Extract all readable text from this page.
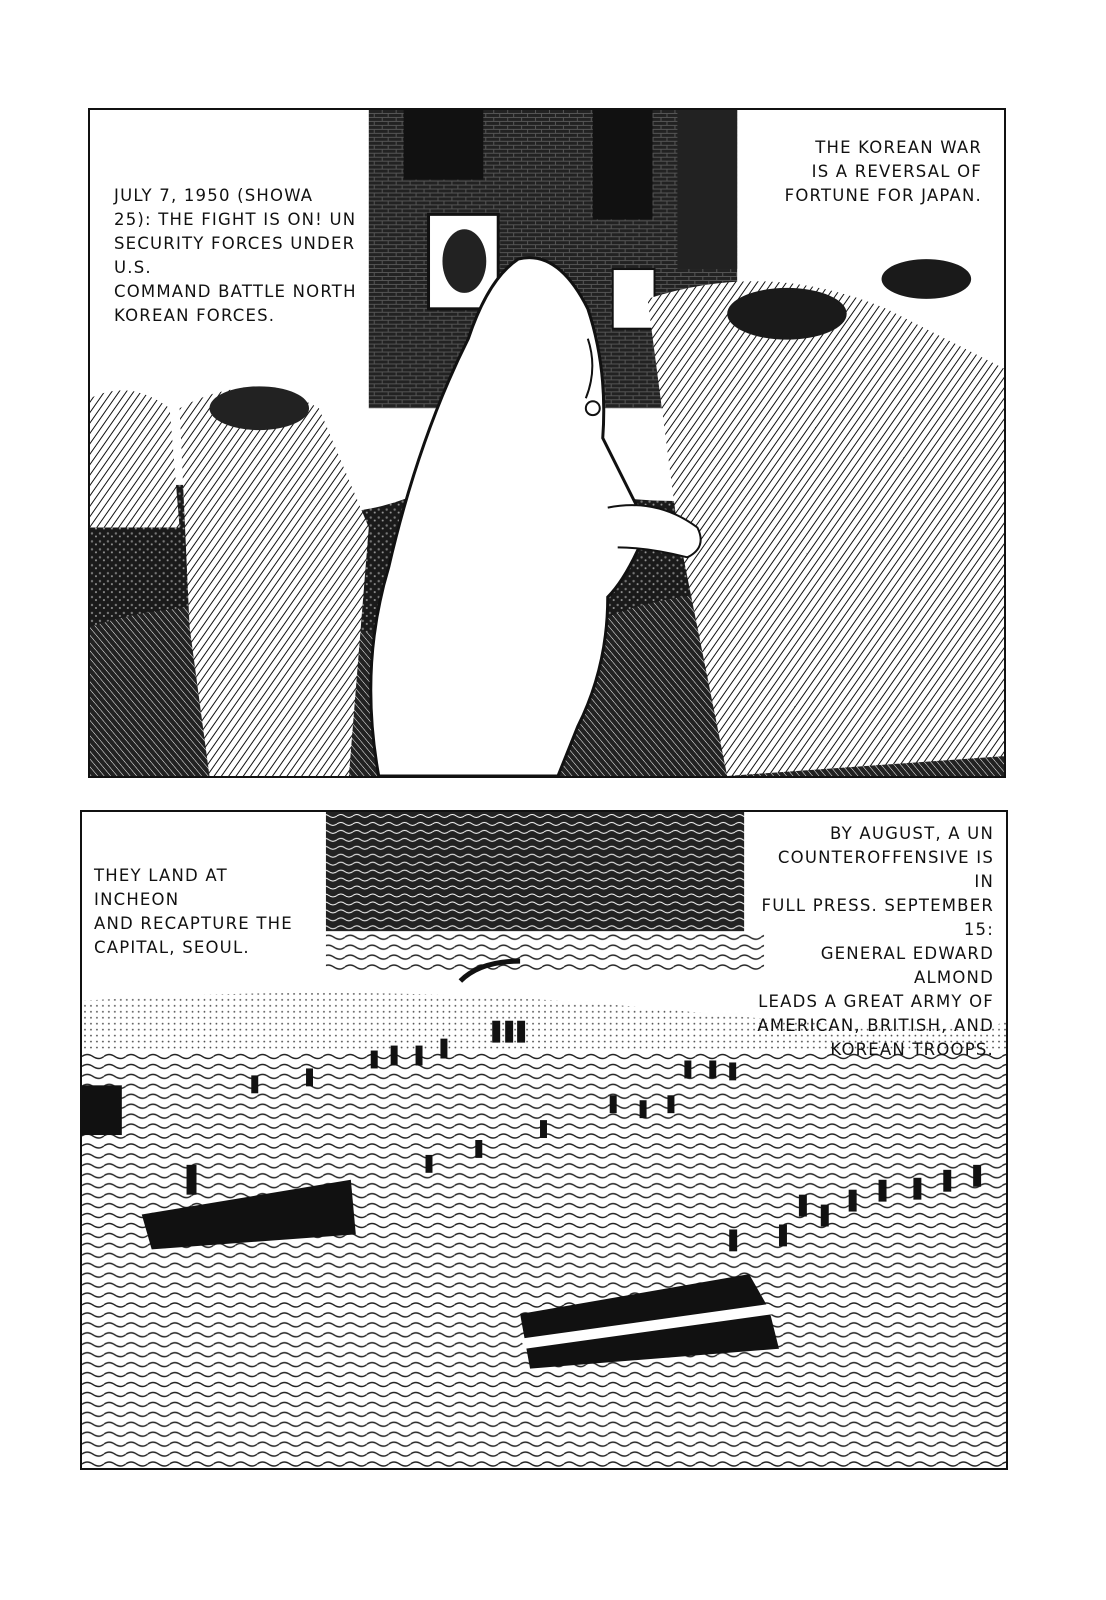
JULY 7, 1950 (SHOWA
25): THE FIGHT IS ON! UN
SECURITY FORCES UNDER U.S.
COMMAND BATTLE NORTH
KOREAN FORCES.
THE KOREAN WAR
IS A REVERSAL OF
FORTUNE FOR JAPAN.
THEY LAND AT INCHEON
AND RECAPTURE THE
CAPITAL, SEOUL.
BY AUGUST, A UN
COUNTEROFFENSIVE IS IN
FULL PRESS. SEPTEMBER 15:
GENERAL EDWARD ALMOND
LEADS A GREAT ARMY OF
AMERICAN, BRITISH, AND
KOREAN TROOPS.
